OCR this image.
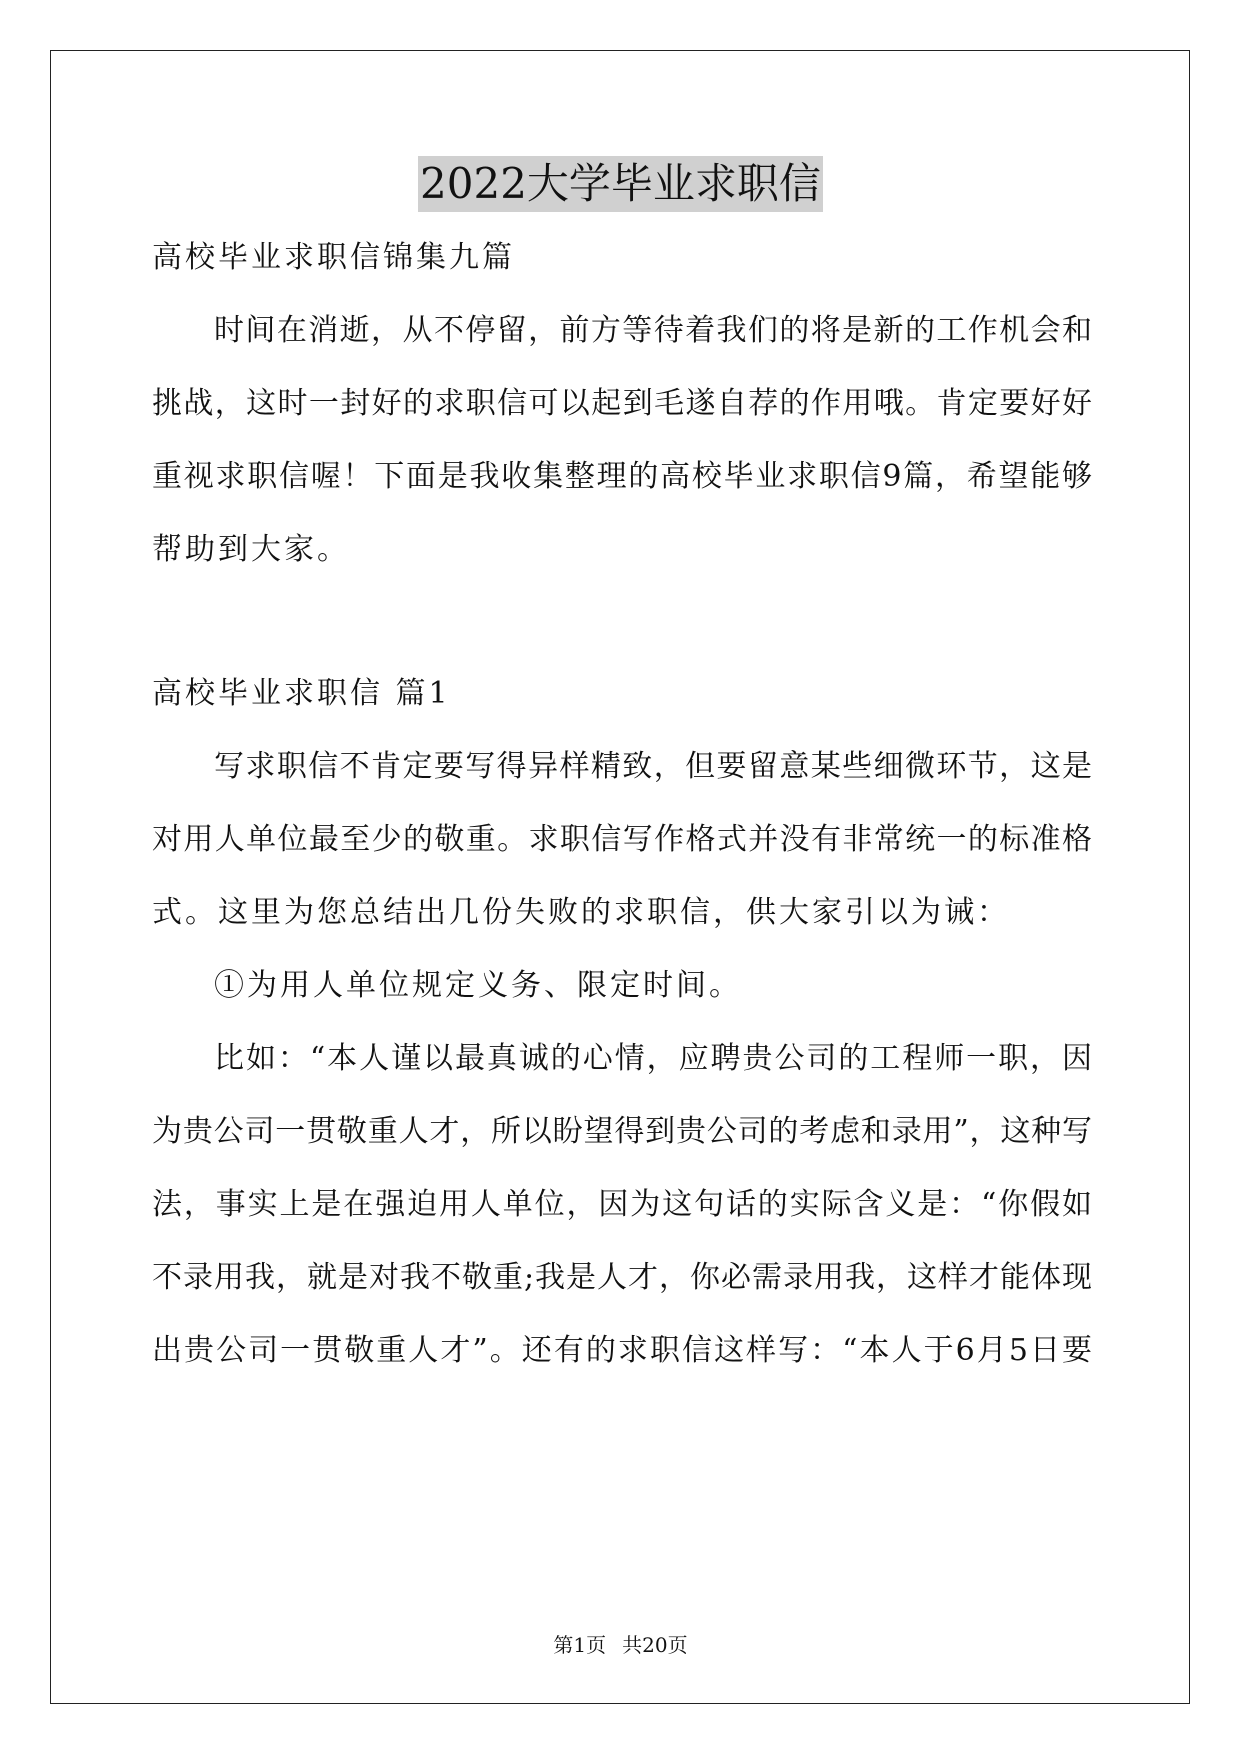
2022大学毕业求职信
高校毕业求职信锦集九篇
时间在消逝，从不停留，前方等待着我们的将是新的工作机会和
挑战，这时一封好的求职信可以起到毛遂自荐的作用哦。肯定要好好
重视求职信喔！下面是我收集整理的高校毕业求职信9篇，希望能够
帮助到大家。
高校毕业求职信 篇1
写求职信不肯定要写得异样精致，但要留意某些细微环节，这是
对用人单位最至少的敬重。求职信写作格式并没有非常统一的标准格
式。这里为您总结出几份失败的求职信，供大家引以为诫：
①为用人单位规定义务、限定时间。
比如：“本人谨以最真诚的心情，应聘贵公司的工程师一职，因
为贵公司一贯敬重人才，所以盼望得到贵公司的考虑和录用”，这种写
法，事实上是在强迫用人单位，因为这句话的实际含义是：“你假如
不录用我，就是对我不敬重;我是人才，你必需录用我，这样才能体现
出贵公司一贯敬重人才”。还有的求职信这样写：“本人于6月5日要
第1页 共20页
